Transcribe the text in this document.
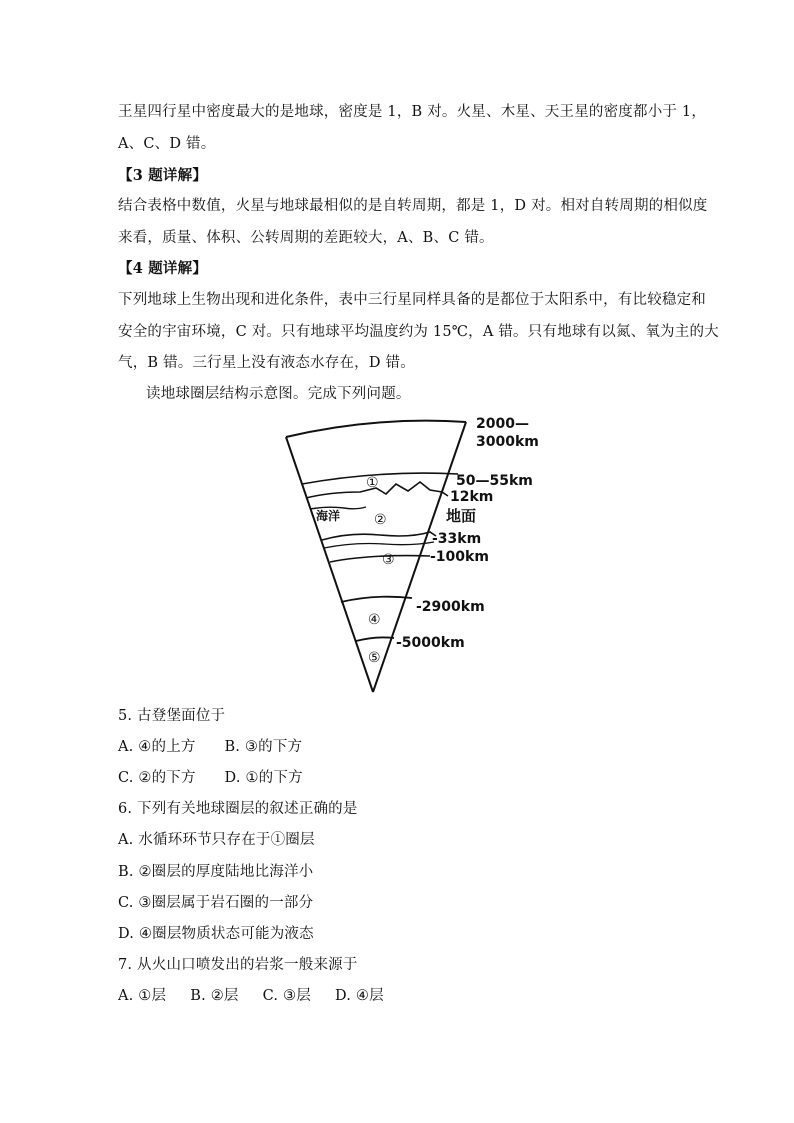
王星四行星中密度最大的是地球，密度是 1，B 对。火星、木星、天王星的密度都小于 1，
A、C、D 错。
【3 题详解】
结合表格中数值，火星与地球最相似的是自转周期，都是 1，D 对。相对自转周期的相似度
来看，质量、体积、公转周期的差距较大，A、B、C 错。
【4 题详解】
下列地球上生物出现和进化条件，表中三行星同样具备的是都位于太阳系中，有比较稳定和
安全的宇宙环境，C 对。只有地球平均温度约为 15℃，A 错。只有地球有以氮、氧为主的大
气，B 错。三行星上没有液态水存在，D 错。
读地球圈层结构示意图。完成下列问题。
①
海洋 ②
③
④
⑤
2000—
3000km
50—55km
12km
地面
-33km
-100km
-2900km
-5000km
5. 古登堡面位于
A. ④的上方      B. ③的下方
C. ②的下方      D. ①的下方
6. 下列有关地球圈层的叙述正确的是
A. 水循环环节只存在于①圈层
B. ②圈层的厚度陆地比海洋小
C. ③圈层属于岩石圈的一部分
D. ④圈层物质状态可能为液态
7. 从火山口喷发出的岩浆一般来源于
A. ①层     B. ②层     C. ③层     D. ④层
